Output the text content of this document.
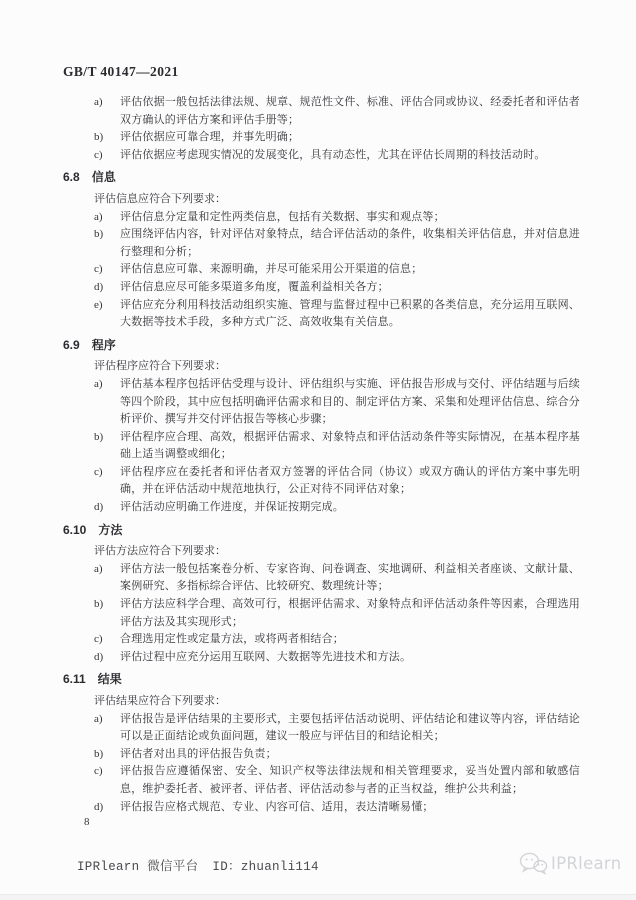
GB/T 40147—2021
a)	评估依据一般包括法律法规、规章、规范性文件、标准、评估合同或协议、经委托者和评估者双方确认的评估方案和评估手册等；
b)	评估依据应可靠合理，并事先明确；
c)	评估依据应考虑现实情况的发展变化，具有动态性，尤其在评估长周期的科技活动时。
6.8 信息

评估信息应符合下列要求：

a)	评估信息分定量和定性两类信息，包括有关数据、事实和观点等；
b)	应围绕评估内容，针对评估对象特点，结合评估活动的条件，收集相关评估信息，并对信息进行整理和分析；
c)	评估信息应可靠、来源明确，并尽可能采用公开渠道的信息；
d)	评估信息应尽可能多渠道多角度，覆盖利益相关各方；
e)	评估应充分利用科技活动组织实施、管理与监督过程中已积累的各类信息，充分运用互联网、大数据等技术手段，多种方式广泛、高效收集有关信息。
6.9 程序

评估程序应符合下列要求：

a)	评估基本程序包括评估受理与设计、评估组织与实施、评估报告形成与交付、评估结题与后续等四个阶段，其中应包括明确评估需求和目的、制定评估方案、采集和处理评估信息、综合分析评价、撰写并交付评估报告等核心步骤；
b)	评估程序应合理、高效，根据评估需求、对象特点和评估活动条件等实际情况，在基本程序基础上适当调整或细化；
c)	评估程序应在委托者和评估者双方签署的评估合同（协议）或双方确认的评估方案中事先明确，并在评估活动中规范地执行，公正对待不同评估对象；
d)	评估活动应明确工作进度，并保证按期完成。
6.10 方法

评估方法应符合下列要求：

a)	评估方法一般包括案卷分析、专家咨询、问卷调查、实地调研、利益相关者座谈、文献计量、案例研究、多指标综合评估、比较研究、数理统计等；
b)	评估方法应科学合理、高效可行，根据评估需求、对象特点和评估活动条件等因素，合理选用评估方法及其实现形式；
c)	合理选用定性或定量方法，或将两者相结合；
d)	评估过程中应充分运用互联网、大数据等先进技术和方法。
6.11 结果

评估结果应符合下列要求：

a)	评估报告是评估结果的主要形式，主要包括评估活动说明、评估结论和建议等内容，评估结论可以是正面结论或负面问题，建议一般应与评估目的和结论相关；
b)	评估者对出具的评估报告负责；
c)	评估报告应遵循保密、安全、知识产权等法律法规和相关管理要求，妥当处置内部和敏感信息，维护委托者、被评者、评估者、评估活动参与者的正当权益，维护公共利益；
d)	评估报告应格式规范、专业、内容可信、适用，表达清晰易懂；
8
IPRlearn 微信平台 ID：zhuanli114	IPRlearn
